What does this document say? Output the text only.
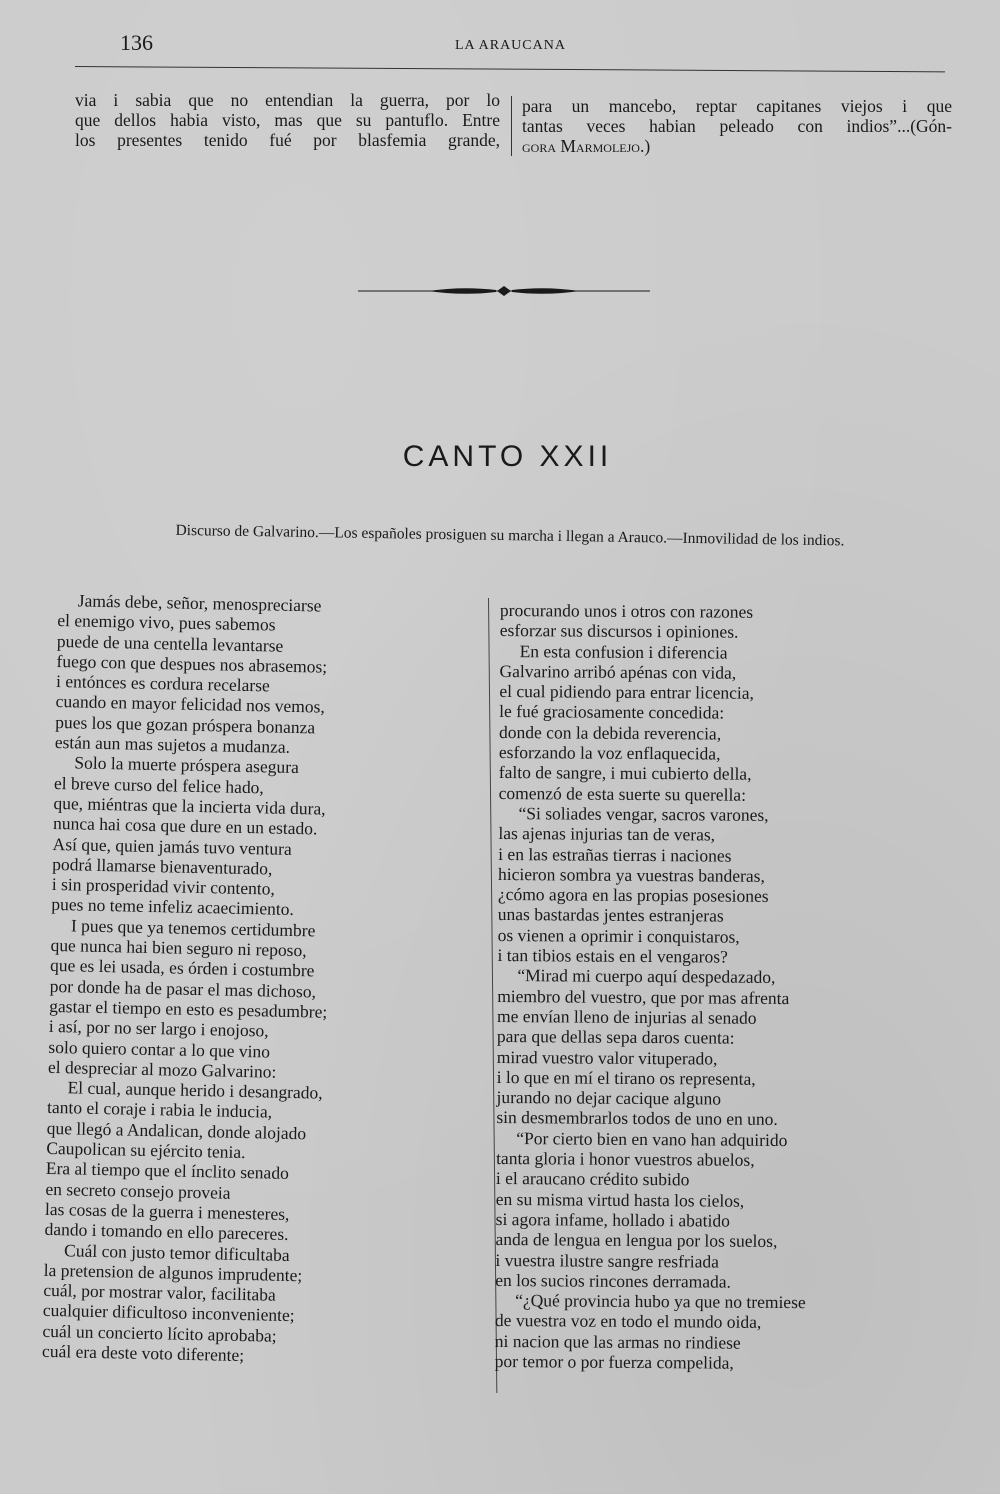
136	LA ARAUCANA
via i sabia que no entendian la guerra, por lo
que dellos habia visto, mas que su pantuflo. Entre
los presentes tenido fué por blasfemia grande,
para un mancebo, reptar capitanes viejos i que
tantas veces habian peleado con indios”...(Gón-
gora Marmolejo.)
CANTO XXII
Discurso de Galvarino.—Los españoles prosiguen su marcha i llegan a Arauco.—Inmovilidad de los indios.
Jamás debe, señor, menospreciarse
el enemigo vivo, pues sabemos
puede de una centella levantarse
fuego con que despues nos abrasemos;
i entónces es cordura recelarse
cuando en mayor felicidad nos vemos,
pues los que gozan próspera bonanza
están aun mas sujetos a mudanza.
Solo la muerte próspera asegura
el breve curso del felice hado,
que, miéntras que la incierta vida dura,
nunca hai cosa que dure en un estado.
Así que, quien jamás tuvo ventura
podrá llamarse bienaventurado,
i sin prosperidad vivir contento,
pues no teme infeliz acaecimiento.
I pues que ya tenemos certidumbre
que nunca hai bien seguro ni reposo,
que es lei usada, es órden i costumbre
por donde ha de pasar el mas dichoso,
gastar el tiempo en esto es pesadumbre;
i así, por no ser largo i enojoso,
solo quiero contar a lo que vino
el despreciar al mozo Galvarino:
El cual, aunque herido i desangrado,
tanto el coraje i rabia le inducia,
que llegó a Andalican, donde alojado
Caupolican su ejército tenia.
Era al tiempo que el ínclito senado
en secreto consejo proveia
las cosas de la guerra i menesteres,
dando i tomando en ello pareceres.
Cuál con justo temor dificultaba
la pretension de algunos imprudente;
cuál, por mostrar valor, facilitaba
cualquier dificultoso inconveniente;
cuál un concierto lícito aprobaba;
cuál era deste voto diferente;
procurando unos i otros con razones
esforzar sus discursos i opiniones.
En esta confusion i diferencia
Galvarino arribó apénas con vida,
el cual pidiendo para entrar licencia,
le fué graciosamente concedida:
donde con la debida reverencia,
esforzando la voz enflaquecida,
falto de sangre, i mui cubierto della,
comenzó de esta suerte su querella:
“Si soliades vengar, sacros varones,
las ajenas injurias tan de veras,
i en las estrañas tierras i naciones
hicieron sombra ya vuestras banderas,
¿cómo agora en las propias posesiones
unas bastardas jentes estranjeras
os vienen a oprimir i conquistaros,
i tan tibios estais en el vengaros?
“Mirad mi cuerpo aquí despedazado,
miembro del vuestro, que por mas afrenta
me envían lleno de injurias al senado
para que dellas sepa daros cuenta:
mirad vuestro valor vituperado,
i lo que en mí el tirano os representa,
jurando no dejar cacique alguno
sin desmembrarlos todos de uno en uno.
“Por cierto bien en vano han adquirido
tanta gloria i honor vuestros abuelos,
i el araucano crédito subido
en su misma virtud hasta los cielos,
si agora infame, hollado i abatido
anda de lengua en lengua por los suelos,
i vuestra ilustre sangre resfriada
en los sucios rincones derramada.
“¿Qué provincia hubo ya que no tremiese
de vuestra voz en todo el mundo oida,
ni nacion que las armas no rindiese
por temor o por fuerza compelida,
